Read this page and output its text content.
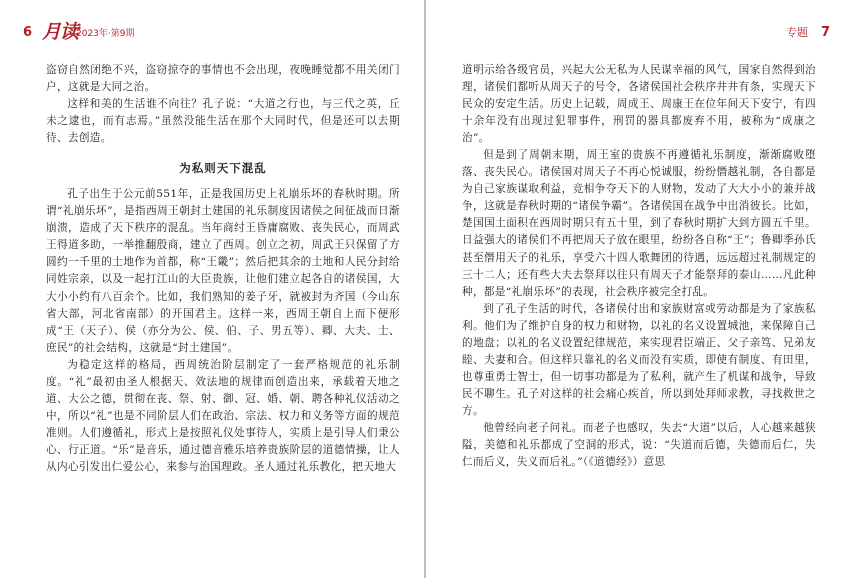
6 月读
2023年·第9期

盗窃自然闭绝不兴，盗窃掠夺的事情也不会出现，夜晚睡觉都不用关闭门户，这就是大同之治。

这样和美的生活谁不向往？孔子说：“大道之行也，与三代之英，丘未之逮也，而有志焉。”虽然没能生活在那个大同时代，但是还可以去期待、去创造。

为私则天下混乱

孔子出生于公元前551年，正是我国历史上礼崩乐坏的春秋时期。所谓“礼崩乐坏”，是指西周王朝封土建国的礼乐制度因诸侯之间征战而日渐崩溃，造成了天下秩序的混乱。当年商纣王昏庸腐败、丧失民心，而周武王得道多助，一举推翻殷商，建立了西周。创立之初，周武王只保留了方圆约一千里的土地作为首都，称“王畿”；然后把其余的土地和人民分封给同姓宗亲，以及一起打江山的大臣贵族，让他们建立起各自的诸侯国，大大小小约有八百余个。比如，我们熟知的姜子牙，就被封为齐国（今山东省大部，河北省南部）的开国君主。这样一来，西周王朝自上而下便形成“王（天子）、侯（亦分为公、侯、伯、子、男五等）、卿、大夫、士、庶民”的社会结构，这就是“封土建国”。

为稳定这样的格局，西周统治阶层制定了一套严格规范的礼乐制度。“礼”最初由圣人根据天、效法地的规律而创造出来，承载着天地之道、大公之德，贯彻在丧、祭、射、御、冠、婚、朝、聘各种礼仪活动之中，所以“礼”也是不同阶层人们在政治、宗法、权力和义务等方面的规范准则。人们遵循礼，形式上是按照礼仪处事待人，实质上是引导人们秉公心、行正道。“乐”是音乐，通过德音雅乐培养贵族阶层的道德情操，让人从内心引发出仁爱公心，来参与治国理政。圣人通过礼乐教化，把天地大

专题 7

道明示给各级官员，兴起大公无私为人民谋幸福的风气，国家自然得到治理，诸侯们都听从周天子的号令，各诸侯国社会秩序井井有条，实现天下民众的安定生活。历史上记载，周成王、周康王在位年间天下安宁，有四十余年没有出现过犯罪事件，刑罚的器具都废弃不用，被称为“成康之治”。

但是到了周朝末期，周王室的贵族不再遵循礼乐制度，渐渐腐败堕落、丧失民心。诸侯国对周天子不再心悦诚服，纷纷僭越礼制，各自都是为自己家族谋取利益，竞相争夺天下的人财物，发动了大大小小的兼并战争，这就是春秋时期的“诸侯争霸”。各诸侯国在战争中出消彼长。比如，楚国国土面积在西周时期只有五十里，到了春秋时期扩大到方圆五千里。日益强大的诸侯们不再把周天子放在眼里，纷纷各自称“王”；鲁卿季孙氏甚至僭用天子的礼乐，享受六十四人歌舞团的待遇，远远超过礼制规定的三十二人；还有些大夫去祭拜以往只有周天子才能祭拜的泰山……凡此种种，都是“礼崩乐坏”的表现，社会秩序被完全打乱。

到了孔子生活的时代，各诸侯付出和家族财富或劳动都是为了家族私利。他们为了维护自身的权力和财物，以礼的名义设置城池，来保障自己的地盘；以礼的名义设置纪律规范，来实现君臣端正、父子亲笃、兄弟友睦、夫妻和合。但这样只靠礼的名义而没有实质，即使有制度、有田里，也尊重勇士智士，但一切事功都是为了私利，就产生了机谋和战争，导致民不聊生。孔子对这样的社会痛心疾首，所以到处拜师求教，寻找救世之方。

他曾经向老子问礼。而老子也感叹，失去“大道”以后，人心越来越狭隘，美德和礼乐都成了空洞的形式，说：“失道而后德，失德而后仁，失仁而后义，失义而后礼。”（《道德经》）意思
